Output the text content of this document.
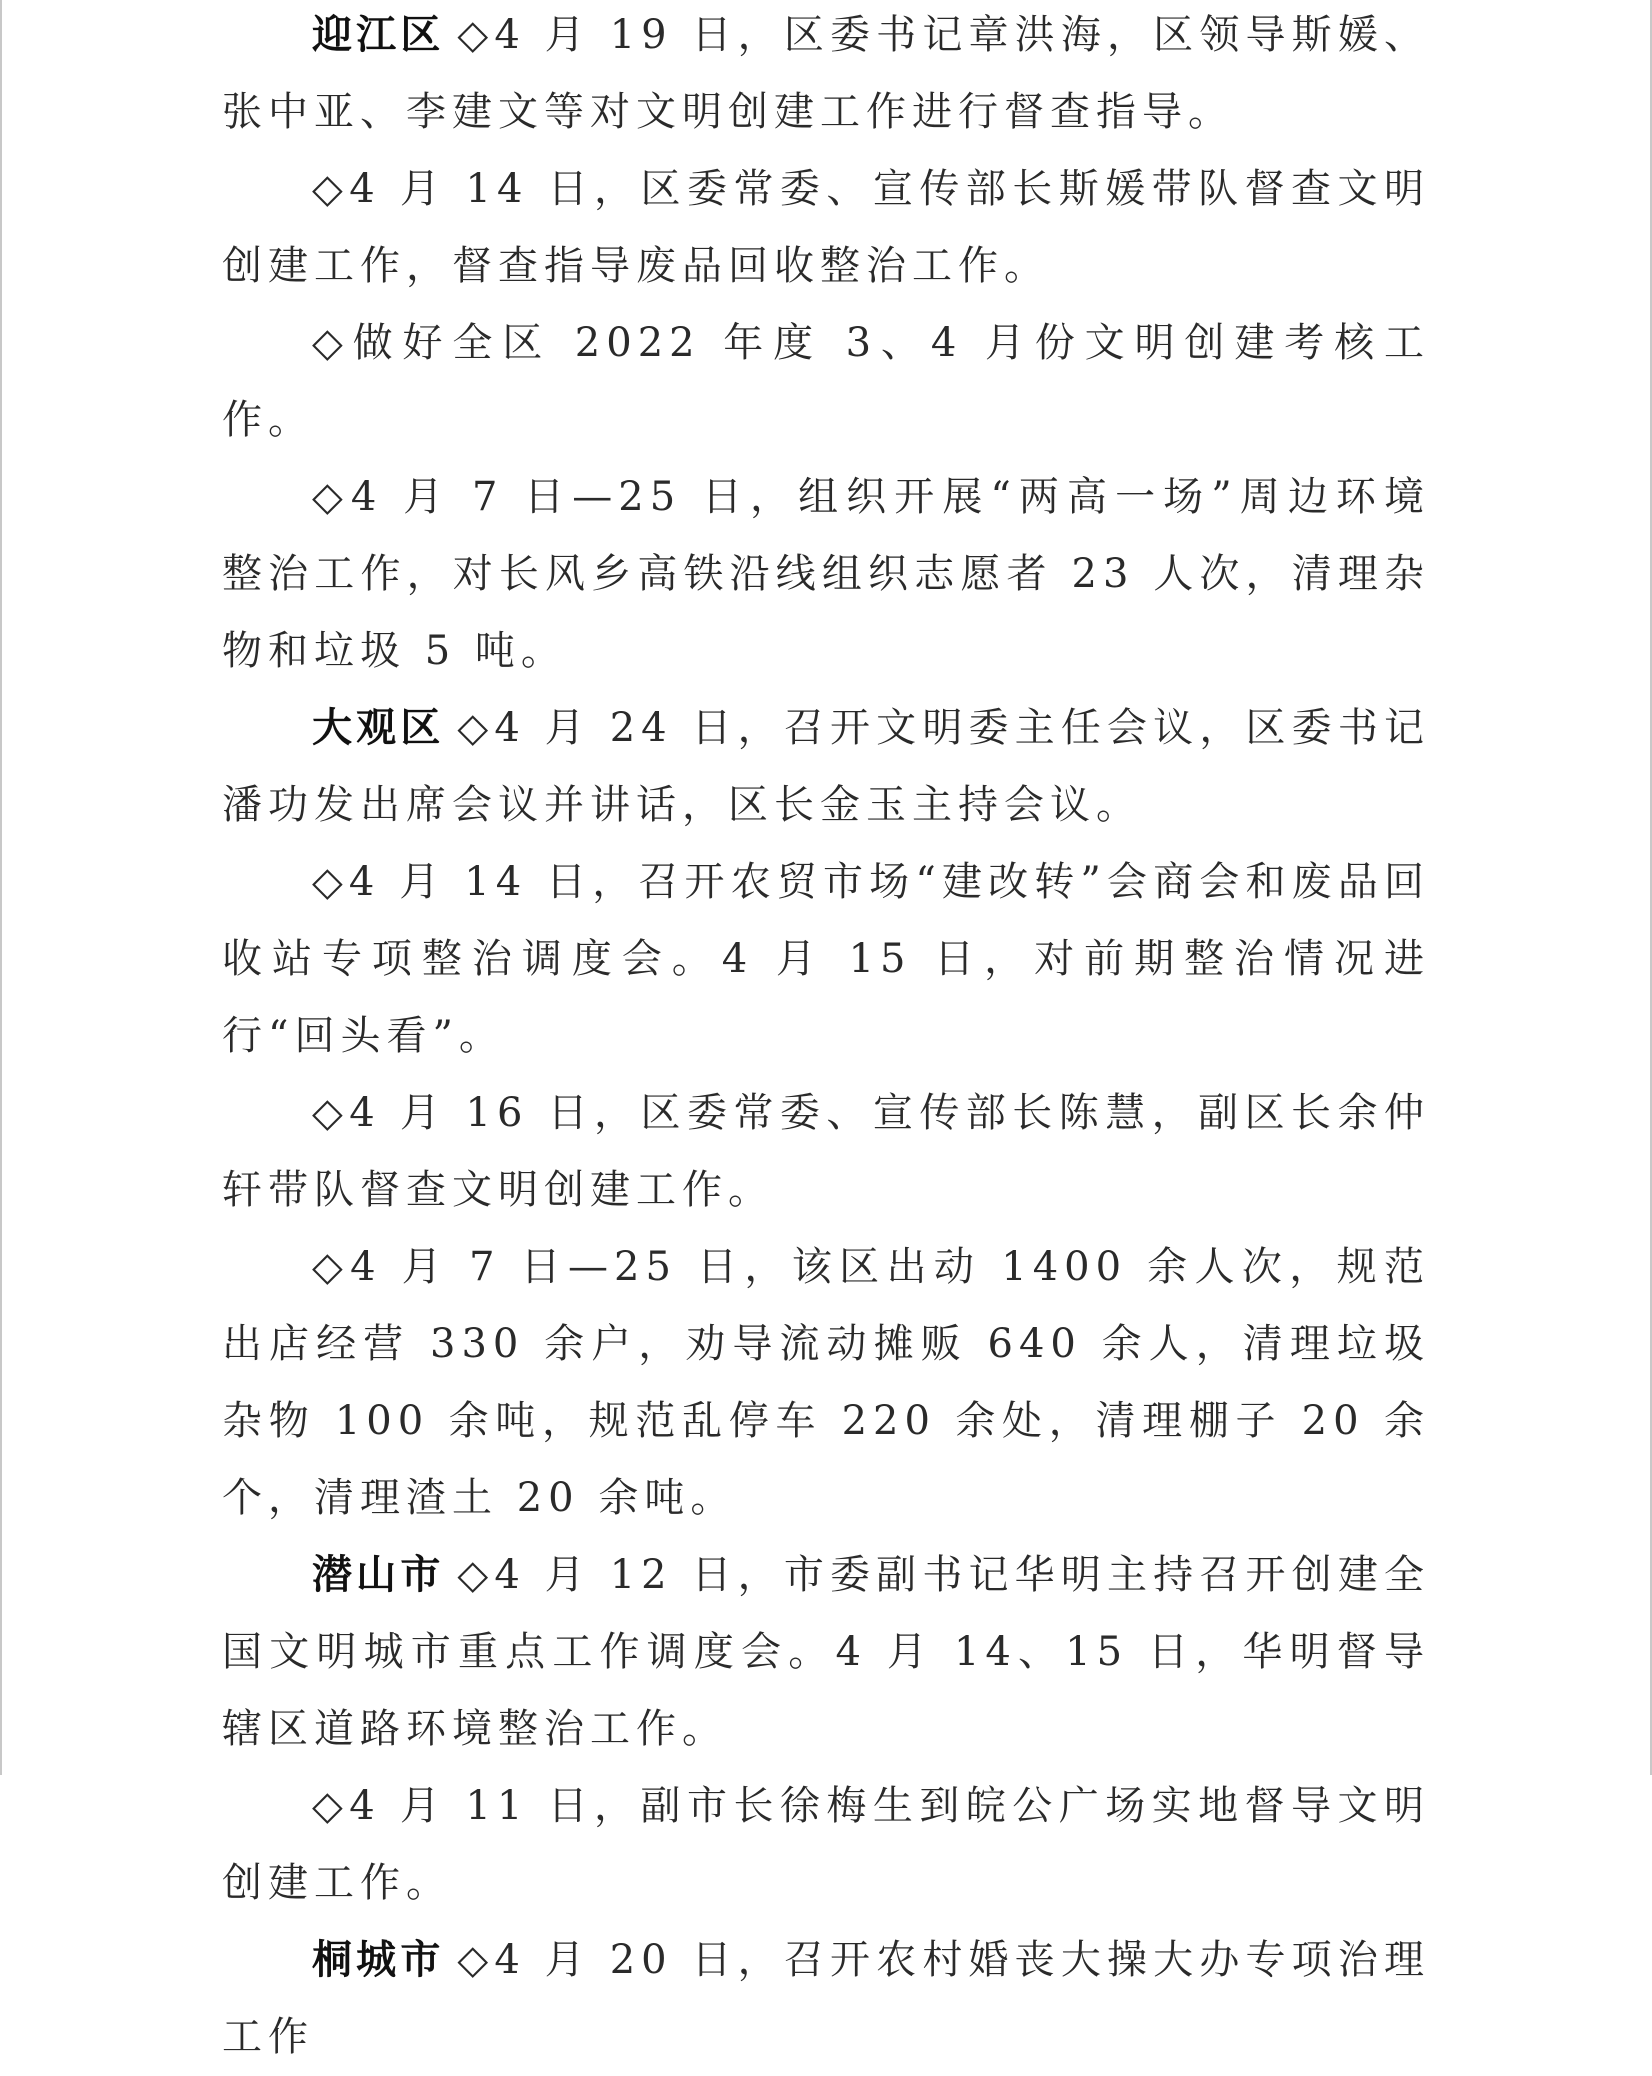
迎江区 ◇4 月 19 日，区委书记章洪海，区领导斯媛、张中亚、李建文等对文明创建工作进行督查指导。

◇4 月 14 日，区委常委、宣传部长斯媛带队督查文明创建工作，督查指导废品回收整治工作。

◇做好全区 2022 年度 3、4 月份文明创建考核工作。

◇4 月 7 日—25 日，组织开展“两高一场”周边环境整治工作，对长风乡高铁沿线组织志愿者 23 人次，清理杂物和垃圾 5 吨。

大观区 ◇4 月 24 日，召开文明委主任会议，区委书记潘功发出席会议并讲话，区长金玉主持会议。

◇4 月 14 日，召开农贸市场“建改转”会商会和废品回收站专项整治调度会。4 月 15 日，对前期整治情况进行“回头看”。

◇4 月 16 日，区委常委、宣传部长陈慧，副区长余仲轩带队督查文明创建工作。

◇4 月 7 日—25 日，该区出动 1400 余人次，规范出店经营 330 余户，劝导流动摊贩 640 余人，清理垃圾杂物 100 余吨，规范乱停车 220 余处，清理棚子 20 余个，清理渣土 20 余吨。

潜山市 ◇4 月 12 日，市委副书记华明主持召开创建全国文明城市重点工作调度会。4 月 14、15 日，华明督导辖区道路环境整治工作。

◇4 月 11 日，副市长徐梅生到皖公广场实地督导文明创建工作。

桐城市 ◇4 月 20 日，召开农村婚丧大操大办专项治理工作
